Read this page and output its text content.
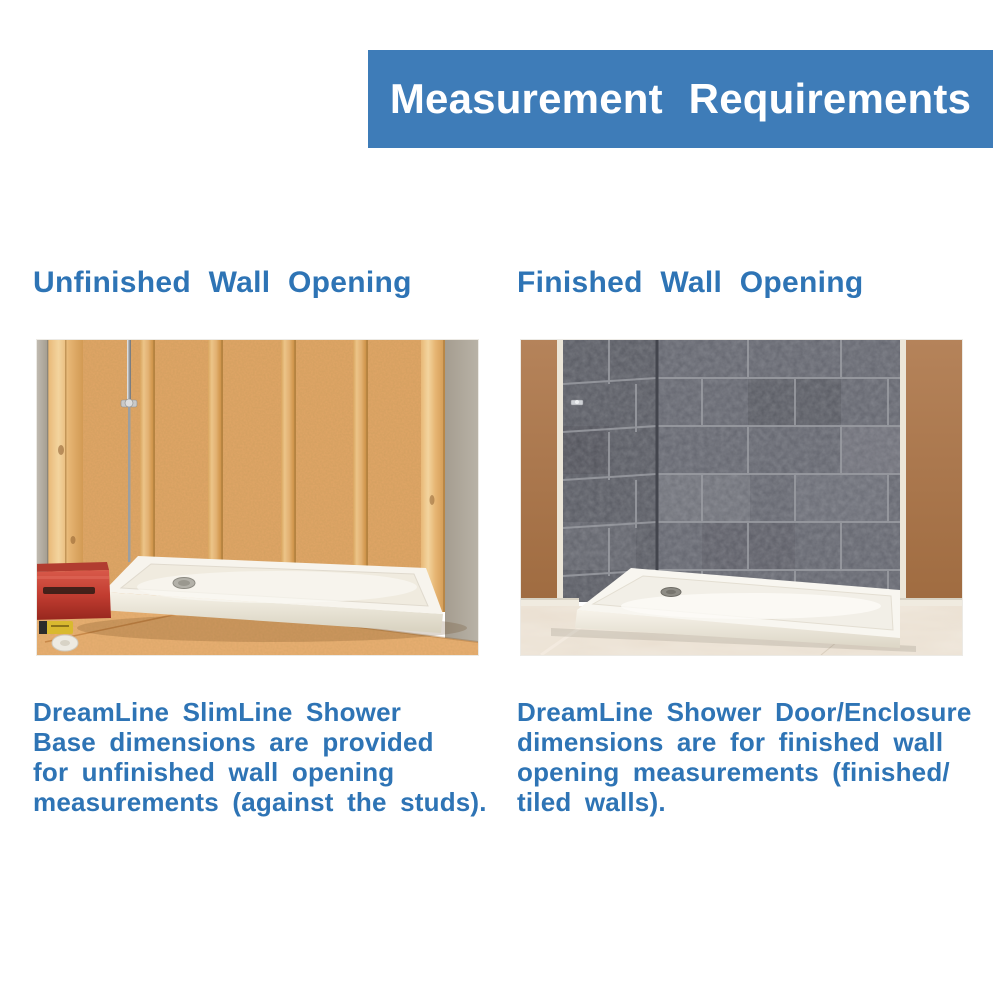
Measurement Requirements
Unfinished Wall Opening	Finished Wall Opening
DreamLine SlimLine Shower
Base dimensions are provided
for unfinished wall opening
measurements (against the studs).
DreamLine Shower Door/Enclosure
dimensions are for finished wall
opening measurements (finished/
tiled walls).
